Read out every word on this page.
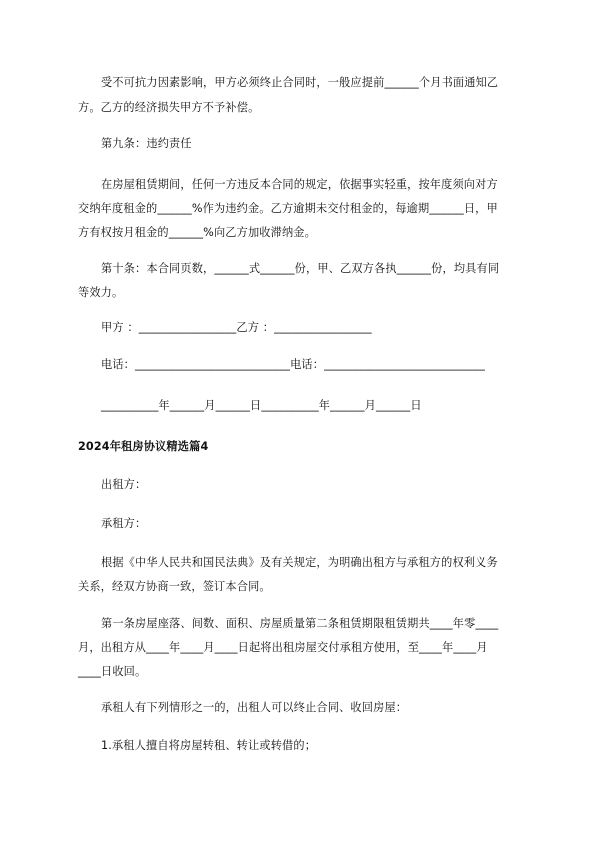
受不可抗力因素影响，甲方必须终止合同时，一般应提前______个月书面通知乙
方。乙方的经济损失甲方不予补偿。
第九条：违约责任
在房屋租赁期间，任何一方违反本合同的规定，依据事实轻重，按年度须向对方
交纳年度租金的______%作为违约金。乙方逾期未交付租金的，每逾期______日，甲
方有权按月租金的______%向乙方加收滞纳金。
第十条：本合同页数，______式______份，甲、乙双方各执______份，均具有同
等效力。
甲方 ：_________________乙方 ：_________________
电话：___________________________电话：____________________________
__________年______月______日__________年______月______日
2024年租房协议精选篇4
出租方：
承租方：
根据《中华人民共和国民法典》及有关规定，为明确出租方与承租方的权利义务
关系，经双方协商一致，签订本合同。
第一条房屋座落、间数、面积、房屋质量第二条租赁期限租赁期共____年零____
月，出租方从____年____月____日起将出租房屋交付承租方使用，至____年____月
____日收回。
承租人有下列情形之一的，出租人可以终止合同、收回房屋：
1.承租人擅自将房屋转租、转让或转借的；
